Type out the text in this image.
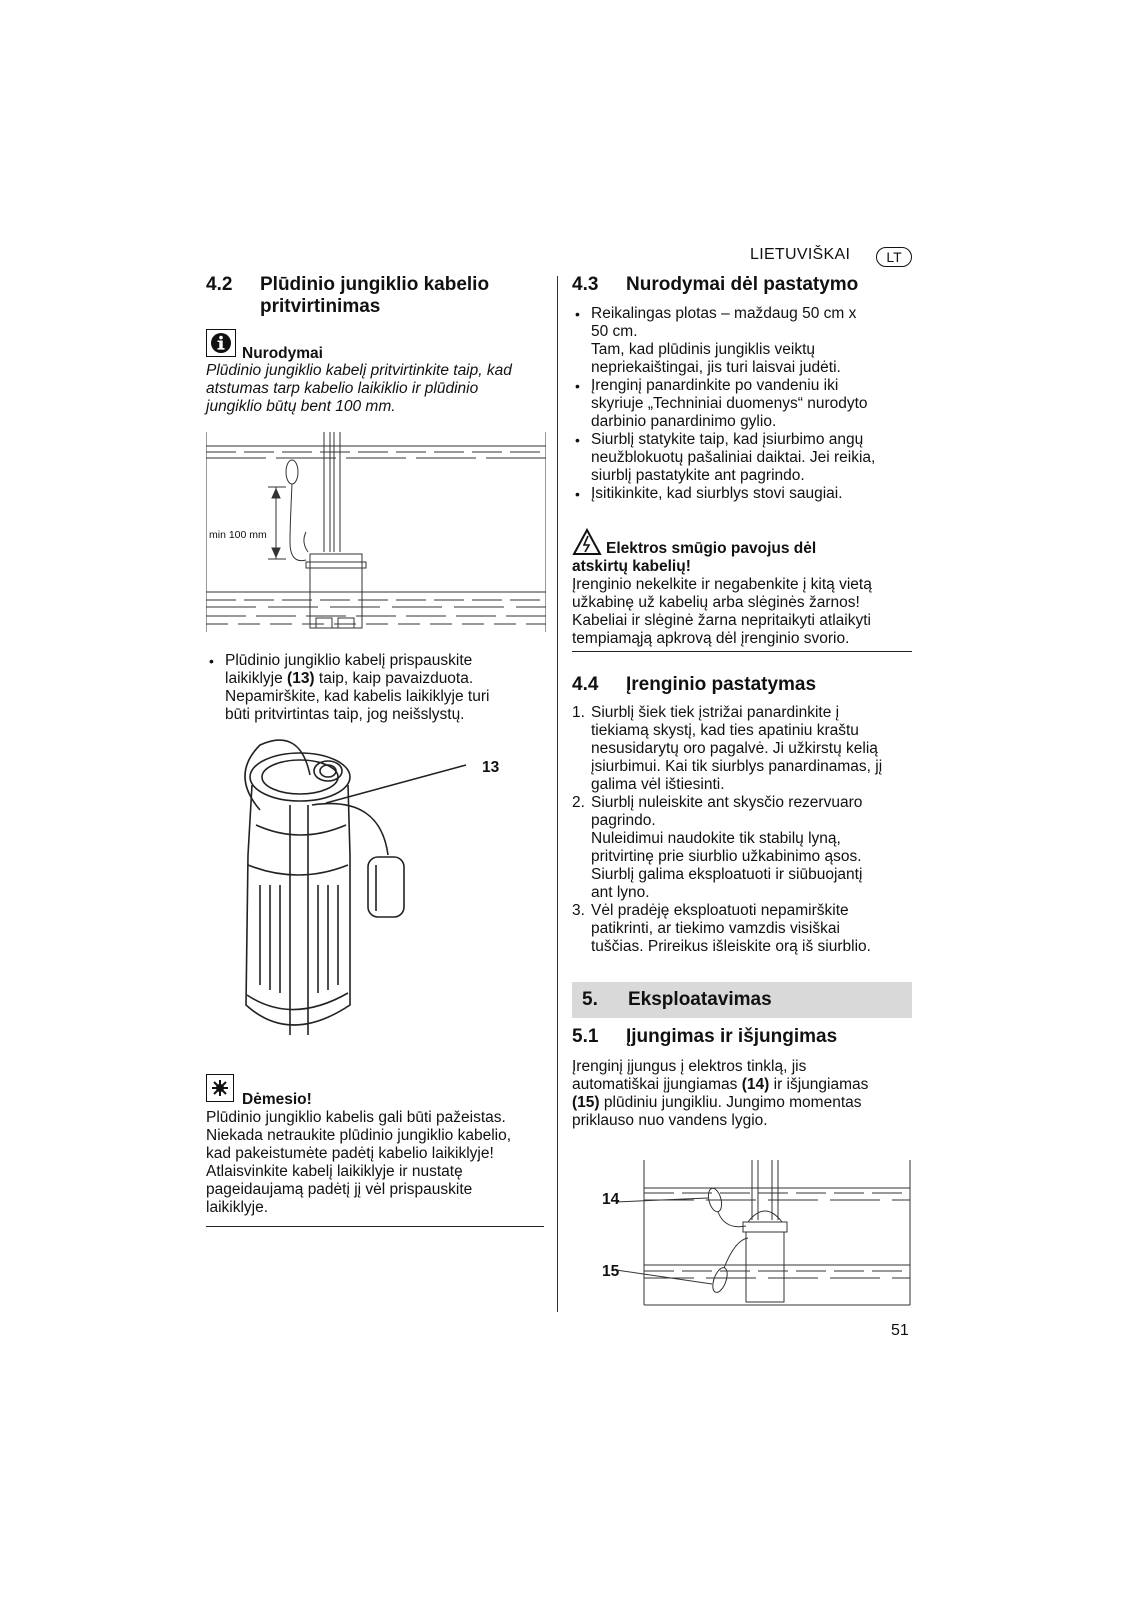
LIETUVIŠKAI	LT
4.2 Plūdinio jungiklio kabelio
pritvirtinimas
Nurodymai
Plūdinio jungiklio kabelį pritvirtinkite taip, kad
atstumas tarp kabelio laikiklio ir plūdinio
jungiklio būtų bent 100 mm.
min 100 mm
• Plūdinio jungiklio kabelį prispauskite
laikiklyje (13) taip, kaip pavaizduota.
Nepamirškite, kad kabelis laikiklyje turi
būti pritvirtintas taip, jog neišslystų.
13
Dėmesio!
Plūdinio jungiklio kabelis gali būti pažeistas.
Niekada netraukite plūdinio jungiklio kabelio,
kad pakeistumėte padėtį kabelio laikiklyje!
Atlaisvinkite kabelį laikiklyje ir nustatę
pageidaujamą padėtį jį vėl prispauskite
laikiklyje.
4.3 Nurodymai dėl pastatymo
• Reikalingas plotas – maždaug 50 cm x
50 cm.
Tam, kad plūdinis jungiklis veiktų
nepriekaištingai, jis turi laisvai judėti.
• Įrenginį panardinkite po vandeniu iki
skyriuje „Techniniai duomenys“ nurodyto
darbinio panardinimo gylio.
• Siurblį statykite taip, kad įsiurbimo angų
neužblokuotų pašaliniai daiktai. Jei reikia,
siurblį pastatykite ant pagrindo.
• Įsitikinkite, kad siurblys stovi saugiai.
Elektros smūgio pavojus dėl
atskirtų kabelių!
Įrenginio nekelkite ir negabenkite į kitą vietą
užkabinę už kabelių arba slėginės žarnos!
Kabeliai ir slėginė žarna nepritaikyti atlaikyti
tempiamąją apkrovą dėl įrenginio svorio.
4.4 Įrenginio pastatymas
1. Siurblį šiek tiek įstrižai panardinkite į
tiekiamą skystį, kad ties apatiniu kraštu
nesusidarytų oro pagalvė. Ji užkirstų kelią
įsiurbimui. Kai tik siurblys panardinamas, jį
galima vėl ištiesinti.
2. Siurblį nuleiskite ant skysčio rezervuaro
pagrindo.
Nuleidimui naudokite tik stabilų lyną,
pritvirtinę prie siurblio užkabinimo ąsos.
Siurblį galima eksploatuoti ir siūbuojantį
ant lyno.
3. Vėl pradėję eksploatuoti nepamirškite
patikrinti, ar tiekimo vamzdis visiškai
tuščias. Prireikus išleiskite orą iš siurblio.
5. Eksploatavimas
5.1 Įjungimas ir išjungimas
Įrenginį įjungus į elektros tinklą, jis
automatiškai įjungiamas (14) ir išjungiamas
(15) plūdiniu jungikliu. Jungimo momentas
priklauso nuo vandens lygio.
14
15
51
